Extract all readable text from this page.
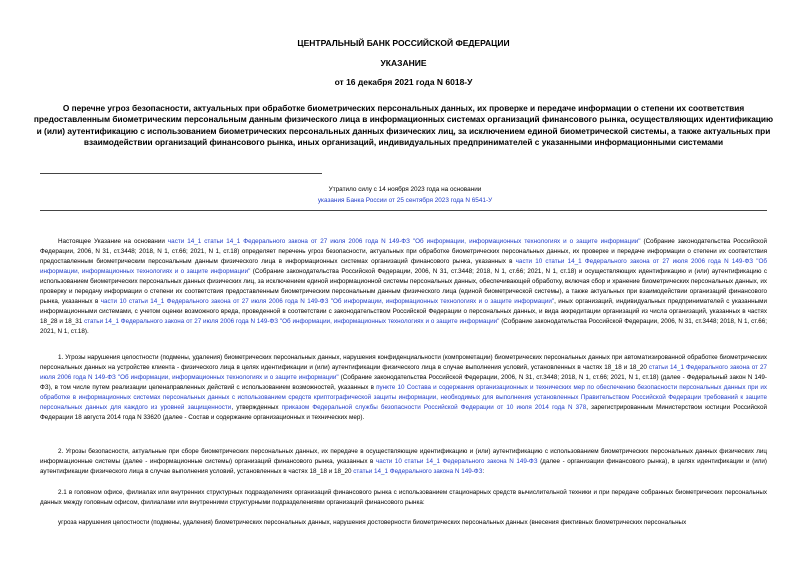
ЦЕНТРАЛЬНЫЙ БАНК РОССИЙСКОЙ ФЕДЕРАЦИИ
УКАЗАНИЕ
от 16 декабря 2021 года N 6018-У
О перечне угроз безопасности, актуальных при обработке биометрических персональных данных, их проверке и передаче информации о степени их соответствия предоставленным биометрическим персональным данным физического лица в информационных системах организаций финансового рынка, осуществляющих идентификацию и (или) аутентификацию с использованием биометрических персональных данных физических лиц, за исключением единой биометрической системы, а также актуальных при взаимодействии организаций финансового рынка, иных организаций, индивидуальных предпринимателей с указанными информационными системами
Утратило силу с 14 ноября 2023 года на основании
указания Банка России от 25 сентября 2023 года N 6541-У

Настоящее Указание на основании части 14_1 статьи 14_1 Федерального закона от 27 июля 2006 года N 149-ФЗ "Об информации, информационных технологиях и о защите информации" (Собрание законодательства Российской Федерации, 2006, N 31, ст.3448; 2018, N 1, ст.66; 2021, N 1, ст.18) определяет перечень угроз безопасности, актуальных при обработке биометрических персональных данных, их проверке и передаче информации о степени их соответствия предоставленным биометрическим персональным данным физического лица в информационных системах организаций финансового рынка, указанных в части 10 статьи 14_1 Федерального закона от 27 июля 2006 года N 149-ФЗ "Об информации, информационных технологиях и о защите информации" (Собрание законодательства Российской Федерации, 2006, N 31, ст.3448; 2018, N 1, ст.66; 2021, N 1, ст.18) и осуществляющих идентификацию и (или) аутентификацию с использованием биометрических персональных данных физических лиц, за исключением единой информационной системы персональных данных, обеспечивающей обработку, включая сбор и хранение биометрических персональных данных, их проверку и передачу информации о степени их соответствия предоставленным биометрическим персональным данным физического лица (единой биометрической системы), а также актуальных при взаимодействии организаций финансового рынка, указанных в части 10 статьи 14_1 Федерального закона от 27 июля 2006 года N 149-ФЗ "Об информации, информационных технологиях и о защите информации", иных организаций, индивидуальных предпринимателей с указанными информационными системами, с учетом оценки возможного вреда, проведенной в соответствии с законодательством Российской Федерации о персональных данных, и вида аккредитации организаций из числа организаций, указанных в частях 18_28 и 18_31 статьи 14_1 Федерального закона от 27 июля 2006 года N 149-ФЗ "Об информации, информационных технологиях и о защите информации" (Собрание законодательства Российской Федерации, 2006, N 31, ст.3448; 2018, N 1, ст.66; 2021, N 1, ст.18).

1. Угрозы нарушения целостности (подмены, удаления) биометрических персональных данных, нарушения конфиденциальности (компрометации) биометрических персональных данных при автоматизированной обработке биометрических персональных данных на устройстве клиента - физического лица в целях идентификации и (или) аутентификации физического лица в случае выполнения условий, установленных в частях 18_18 и 18_20 статьи 14_1 Федерального закона от 27 июля 2006 года N 149-ФЗ "Об информации, информационных технологиях и о защите информации" (Собрание законодательства Российской Федерации, 2006, N 31, ст.3448; 2018, N 1, ст.66; 2021, N 1, ст.18) (далее - Федеральный закон N 149-ФЗ), в том числе путем реализации целенаправленных действий с использованием возможностей, указанных в пункте 10 Состава и содержания организационных и технических мер по обеспечению безопасности персональных данных при их обработке в информационных системах персональных данных с использованием средств криптографической защиты информации, необходимых для выполнения установленных Правительством Российской Федерации требований к защите персональных данных для каждого из уровней защищенности, утвержденных приказом Федеральной службы безопасности Российской Федерации от 10 июля 2014 года N 378, зарегистрированным Министерством юстиции Российской Федерации 18 августа 2014 года N 33620 (далее - Состав и содержание организационных и технических мер).

2. Угрозы безопасности, актуальные при сборе биометрических персональных данных, их передаче в осуществляющие идентификацию и (или) аутентификацию с использованием биометрических персональных данных физических лиц информационные системы (далее - информационные системы) организаций финансового рынка, указанных в части 10 статьи 14_1 Федерального закона N 149-ФЗ (далее - организации финансового рынка), в целях идентификации и (или) аутентификации физического лица в случае выполнения условий, установленных в частях 18_18 и 18_20 статьи 14_1 Федерального закона N 149-ФЗ:

2.1 в головном офисе, филиалах или внутренних структурных подразделениях организаций финансового рынка с использованием стационарных средств вычислительной техники и при передаче собранных биометрических персональных данных между головным офисом, филиалами или внутренними структурными подразделениями организаций финансового рынка:

угроза нарушения целостности (подмены, удаления) биометрических персональных данных, нарушения достоверности биометрических персональных данных (внесения фиктивных биометрических персональных
